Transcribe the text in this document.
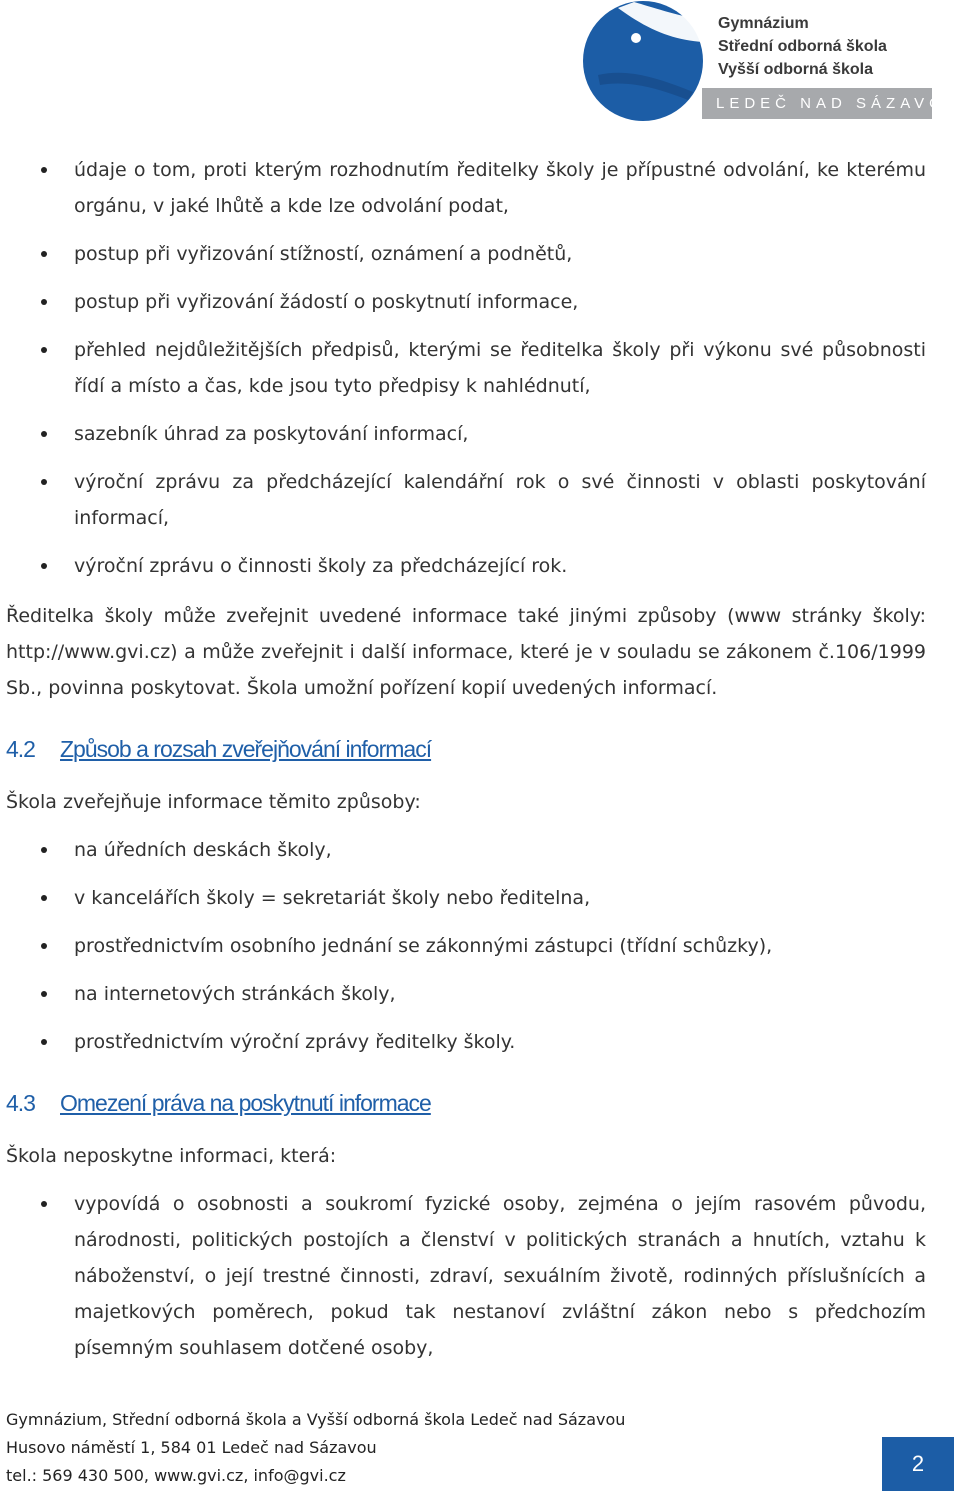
Gymnázium
Střední odborná škola
Vyšší odborná škola
LEDEČ NAD SÁZAVOU
údaje o tom, proti kterým rozhodnutím ředitelky školy je přípustné odvolání, ke kterému orgánu, v jaké lhůtě a kde lze odvolání podat,
postup při vyřizování stížností, oznámení a podnětů,
postup při vyřizování žádostí o poskytnutí informace,
přehled nejdůležitějších předpisů, kterými se ředitelka školy při výkonu své působnosti řídí a místo a čas, kde jsou tyto předpisy k nahlédnutí,
sazebník úhrad za poskytování informací,
výroční zprávu za předcházející kalendářní rok o své činnosti v oblasti poskytování informací,
výroční zprávu o činnosti školy za předcházející rok.
Ředitelka školy může zveřejnit uvedené informace také jinými způsoby (www stránky školy: http://www.gvi.cz) a může zveřejnit i další informace, které je v souladu se zákonem č.106/1999 Sb., povinna poskytovat. Škola umožní pořízení kopií uvedených informací.
4.2 Způsob a rozsah zveřejňování informací
Škola zveřejňuje informace těmito způsoby:
na úředních deskách školy,
v kancelářích školy = sekretariát školy nebo ředitelna,
prostřednictvím osobního jednání se zákonnými zástupci (třídní schůzky),
na internetových stránkách školy,
prostřednictvím výroční zprávy ředitelky školy.
4.3 Omezení práva na poskytnutí informace
Škola neposkytne informaci, která:
vypovídá o osobnosti a soukromí fyzické osoby, zejména o jejím rasovém původu, národnosti, politických postojích a členství v politických stranách a hnutích, vztahu k náboženství, o její trestné činnosti, zdraví, sexuálním životě, rodinných příslušnících a majetkových poměrech, pokud tak nestanoví zvláštní zákon nebo s předchozím písemným souhlasem dotčené osoby,
Gymnázium, Střední odborná škola a Vyšší odborná škola Ledeč nad Sázavou
Husovo náměstí 1, 584 01 Ledeč nad Sázavou
tel.: 569 430 500, www.gvi.cz, info@gvi.cz	2
